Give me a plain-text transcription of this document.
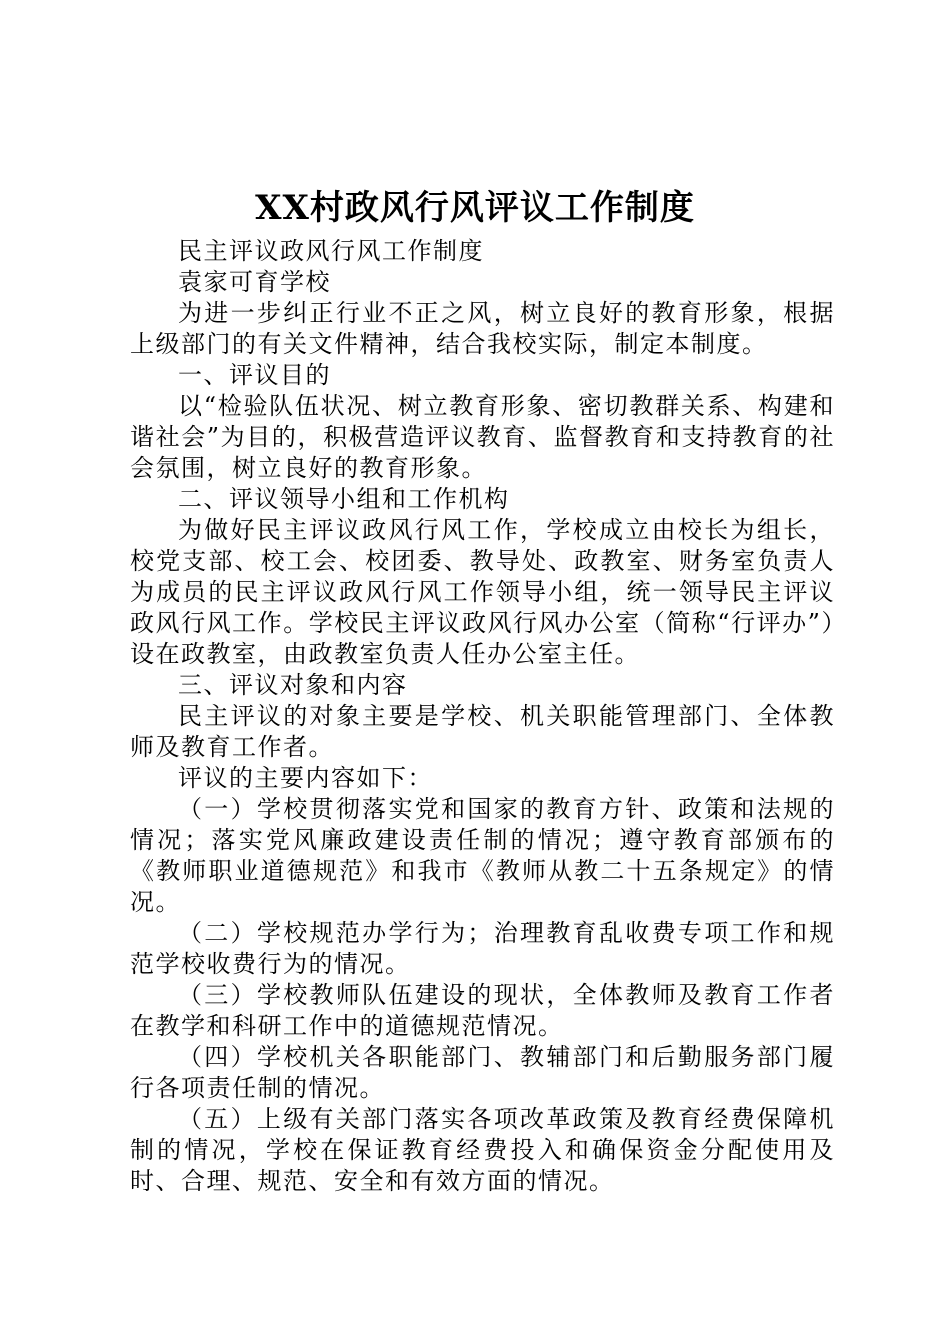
XX村政风行风评议工作制度

民主评议政风行风工作制度

袁家可育学校

为进一步纠正行业不正之风，树立良好的教育形象，根据上级部门的有关文件精神，结合我校实际，制定本制度。

一、评议目的

以“检验队伍状况、树立教育形象、密切教群关系、构建和谐社会”为目的，积极营造评议教育、监督教育和支持教育的社会氛围，树立良好的教育形象。

二、评议领导小组和工作机构

为做好民主评议政风行风工作，学校成立由校长为组长，校党支部、校工会、校团委、教导处、政教室、财务室负责人为成员的民主评议政风行风工作领导小组，统一领导民主评议政风行风工作。学校民主评议政风行风办公室（简称“行评办”）设在政教室，由政教室负责人任办公室主任。

三、评议对象和内容

民主评议的对象主要是学校、机关职能管理部门、全体教师及教育工作者。

评议的主要内容如下：

（一）学校贯彻落实党和国家的教育方针、政策和法规的情况；落实党风廉政建设责任制的情况；遵守教育部颁布的《教师职业道德规范》和我市《教师从教二十五条规定》的情况。

（二）学校规范办学行为；治理教育乱收费专项工作和规范学校收费行为的情况。

（三）学校教师队伍建设的现状，全体教师及教育工作者在教学和科研工作中的道德规范情况。

（四）学校机关各职能部门、教辅部门和后勤服务部门履行各项责任制的情况。

（五）上级有关部门落实各项改革政策及教育经费保障机制的情况，学校在保证教育经费投入和确保资金分配使用及时、合理、规范、安全和有效方面的情况。
